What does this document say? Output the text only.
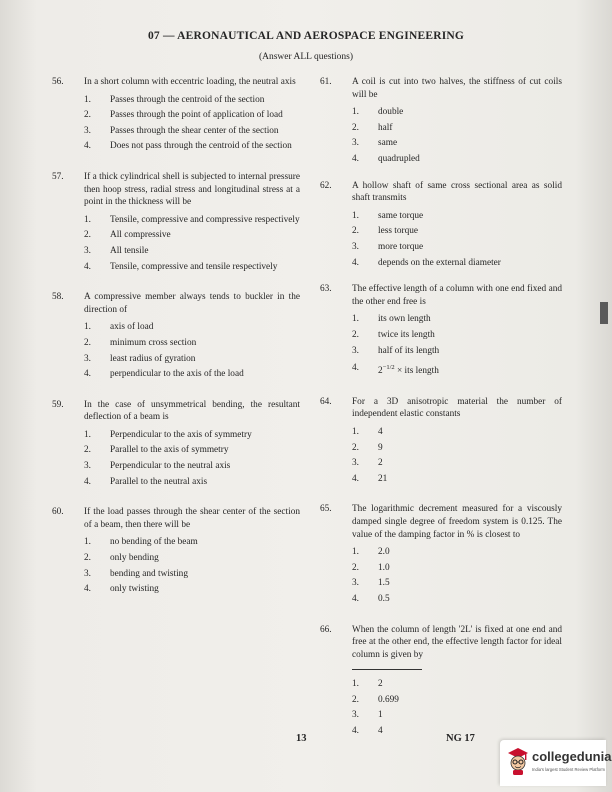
07 — AERONAUTICAL AND AEROSPACE ENGINEERING
(Answer ALL questions)
56.	In a short column with eccentric loading, the neutral axis
1. Passes through the centroid of the section
2. Passes through the point of application of load
3. Passes through the shear center of the section
4. Does not pass through the centroid of the section
57.	If a thick cylindrical shell is subjected to internal pressure then hoop stress, radial stress and longitudinal stress at a point in the thickness will be
1. Tensile, compressive and compressive respectively
2. All compressive
3. All tensile
4. Tensile, compressive and tensile respectively
58.	A compressive member always tends to buckler in the direction of
1. axis of load
2. minimum cross section
3. least radius of gyration
4. perpendicular to the axis of the load
59.	In the case of unsymmetrical bending, the resultant deflection of a beam is
1. Perpendicular to the axis of symmetry
2. Parallel to the axis of symmetry
3. Perpendicular to the neutral axis
4. Parallel to the neutral axis
60.	If the load passes through the shear center of the section of a beam, then there will be
1. no bending of the beam
2. only bending
3. bending and twisting
4. only twisting
61.	A coil is cut into two halves, the stiffness of cut coils will be
1. double
2. half
3. same
4. quadrupled
62.	A hollow shaft of same cross sectional area as solid shaft transmits
1. same torque
2. less torque
3. more torque
4. depends on the external diameter
63.	The effective length of a column with one end fixed and the other end free is
1. its own length
2. twice its length
3. half of its length
4. $2^{-1/2}$ × its length
64.	For a 3D anisotropic material the number of independent elastic constants
1. 4
2. 9
3. 2
4. 21
65.	The logarithmic decrement measured for a viscously damped single degree of freedom system is 0.125. The value of the damping factor in % is closest to
1. 2.0
2. 1.0
3. 1.5
4. 0.5
66.	When the column of length '2L' is fixed at one end and free at the other end, the effective length factor for ideal column is given by
1. 2
2. 0.699
3. 1
4. 4
13	NG 17
collegedunia
India's largest Student Review Platform
